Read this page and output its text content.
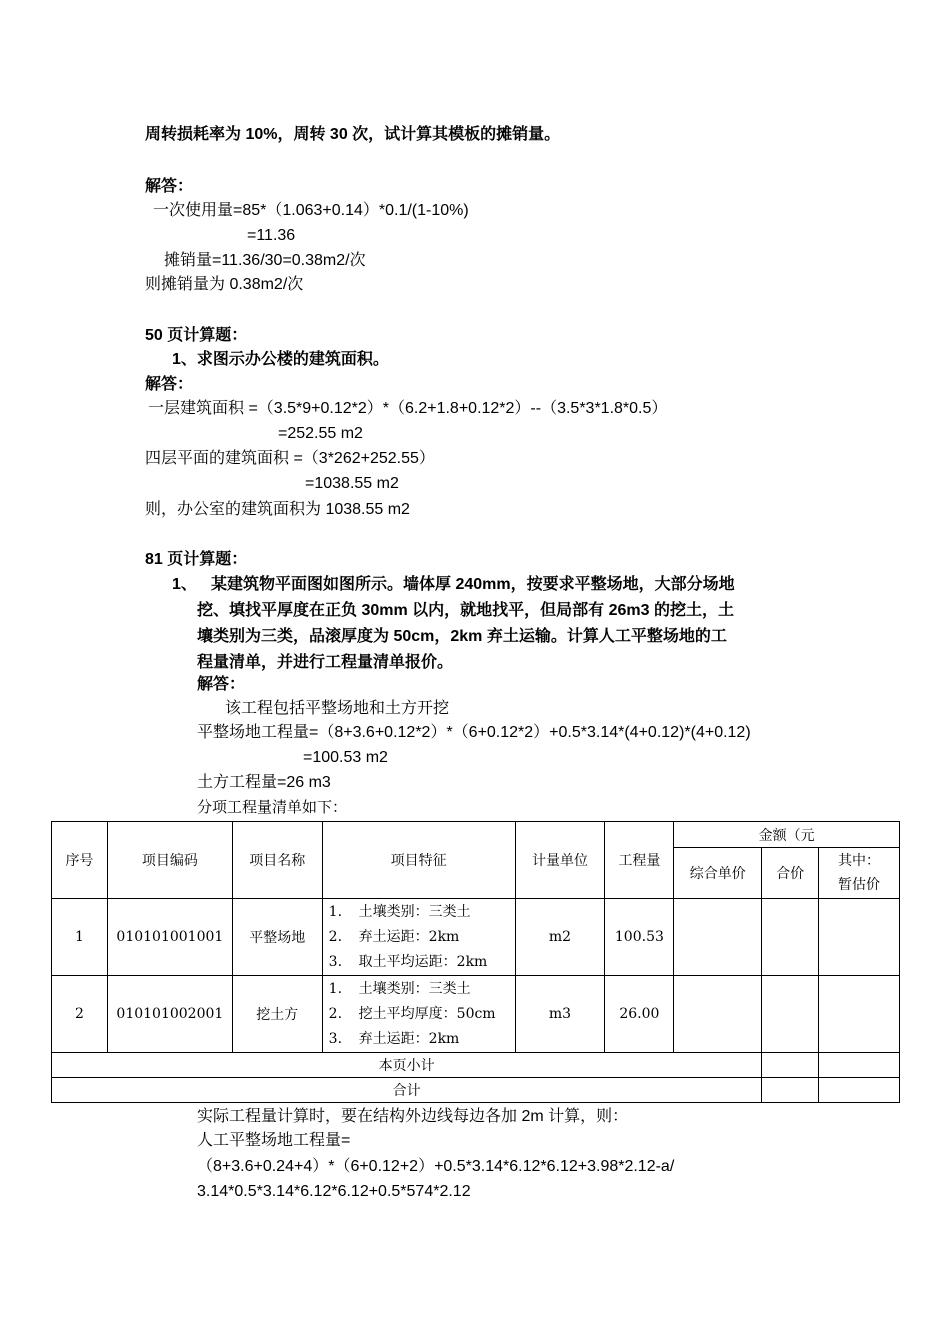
周转损耗率为 10%，周转 30 次，试计算其模板的摊销量。
解答：
一次使用量=85*（1.063+0.14）*0.1/(1-10%)
=11.36
摊销量=11.36/30=0.38m2/次
则摊销量为 0.38m2/次
50 页计算题：
1、求图示办公楼的建筑面积。
解答：
一层建筑面积 =（3.5*9+0.12*2）*（6.2+1.8+0.12*2）--（3.5*3*1.8*0.5）
=252.55 m2
四层平面的建筑面积 =（3*262+252.55）
=1038.55 m2
则，办公室的建筑面积为 1038.55 m2
81 页计算题：
1、 某建筑物平面图如图所示。墙体厚 240mm，按要求平整场地，大部分场地
挖、填找平厚度在正负 30mm 以内，就地找平，但局部有 26m3 的挖土，土
壤类别为三类，品滚厚度为 50cm，2km 弃土运输。计算人工平整场地的工
程量清单，并进行工程量清单报价。
解答：
该工程包括平整场地和土方开挖
平整场地工程量=（8+3.6+0.12*2）*（6+0.12*2）+0.5*3.14*(4+0.12)*(4+0.12)
=100.53 m2
土方工程量=26 m3
分项工程量清单如下：
序号	项目编码	项目名称	项目特征	计量单位	工程量	金额（元		
						综合单价	合价	其中：
暂估价

1	010101001001	平整场地	1. 土壤类别：三类土
2. 弃土运距：2km
3. 取土平均运距：2km	m2	100.53			
2	010101002001	挖土方	1. 土壤类别：三类土
2. 挖土平均厚度：50cm
3. 弃土运距：2km	m3	26.00			
本页小计								
合计								
实际工程量计算时，要在结构外边线每边各加 2m 计算，则：
人工平整场地工程量=
（8+3.6+0.24+4）*（6+0.12+2）+0.5*3.14*6.12*6.12+3.98*2.12-a/
3.14*0.5*3.14*6.12*6.12+0.5*574*2.12
